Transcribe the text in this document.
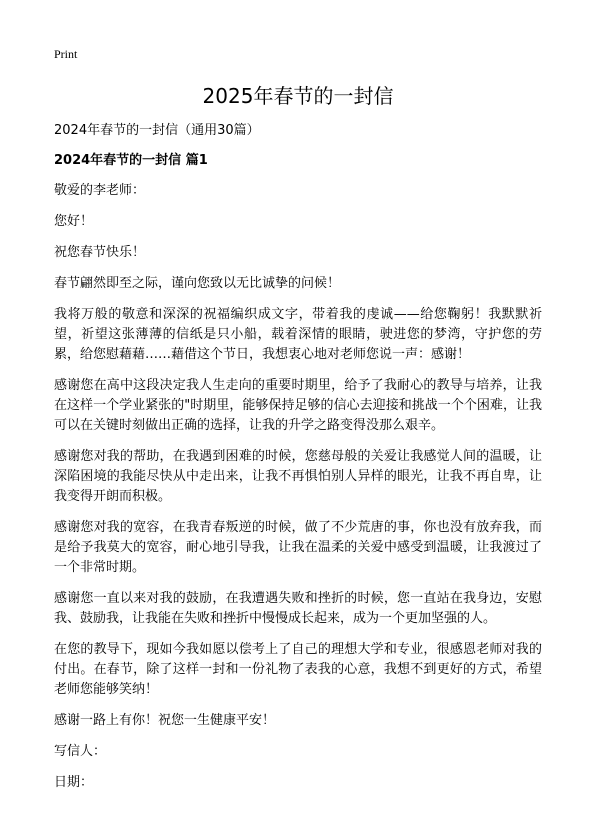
Print
2025年春节的一封信

2024年春节的一封信（通用30篇）

2024年春节的一封信 篇1

敬爱的李老师：

您好！

祝您春节快乐！

春节翩然即至之际，谨向您致以无比诚挚的问候！

我将万般的敬意和深深的祝福编织成文字，带着我的虔诚——给您鞠躬！我默默祈望，祈望这张薄薄的信纸是只小船，载着深情的眼睛，驶进您的梦湾，守护您的劳累，给您慰藉藉……藉借这个节日，我想衷心地对老师您说一声：感谢！

感谢您在高中这段决定我人生走向的重要时期里，给予了我耐心的教导与培养，让我在这样一个学业紧张的"时期里，能够保持足够的信心去迎接和挑战一个个困难，让我可以在关键时刻做出正确的选择，让我的升学之路变得没那么艰辛。

感谢您对我的帮助，在我遇到困难的时候，您慈母般的关爱让我感觉人间的温暖，让深陷困境的我能尽快从中走出来，让我不再惧怕别人异样的眼光，让我不再自卑，让我变得开朗而积极。

感谢您对我的宽容，在我青春叛逆的时候，做了不少荒唐的事，你也没有放弃我，而是给予我莫大的宽容，耐心地引导我，让我在温柔的关爱中感受到温暖，让我渡过了一个非常时期。

感谢您一直以来对我的鼓励，在我遭遇失败和挫折的时候，您一直站在我身边，安慰我、鼓励我，让我能在失败和挫折中慢慢成长起来，成为一个更加坚强的人。

在您的教导下，现如今我如愿以偿考上了自己的理想大学和专业，很感恩老师对我的付出。在春节，除了这样一封和一份礼物了表我的心意，我想不到更好的方式，希望老师您能够笑纳！

感谢一路上有你！祝您一生健康平安！

写信人：

日期：
